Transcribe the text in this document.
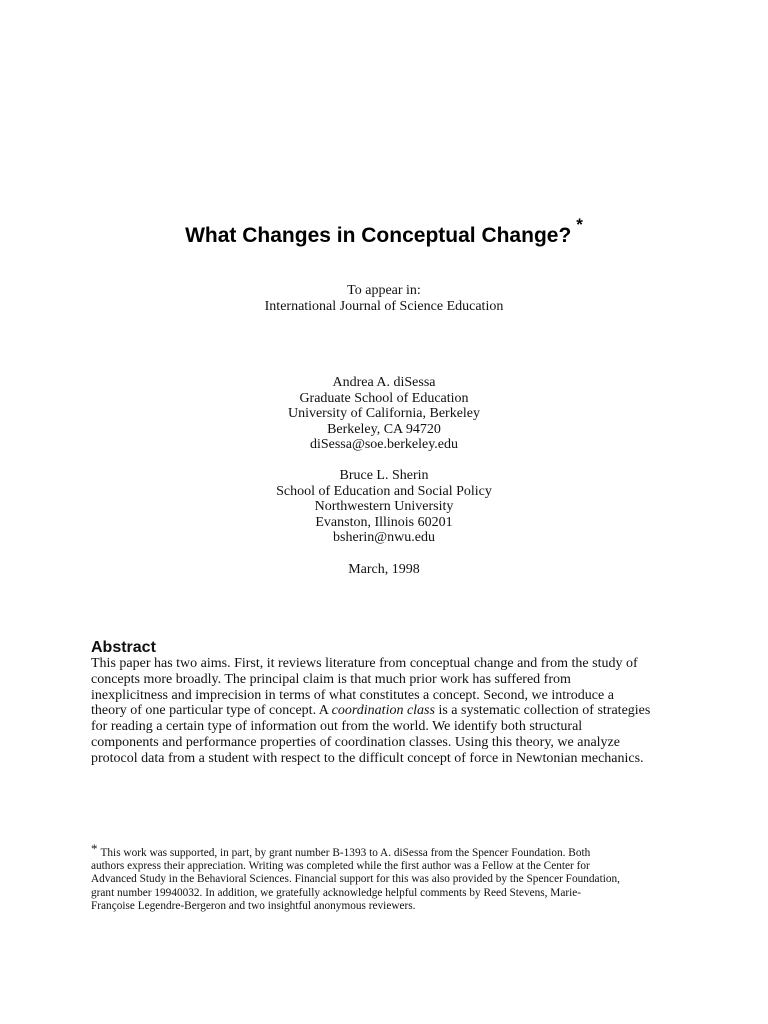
What Changes in Conceptual Change? *
To appear in:
International Journal of Science Education
Andrea A. diSessa
Graduate School of Education
University of California, Berkeley
Berkeley, CA 94720
diSessa@soe.berkeley.edu
Bruce L. Sherin
School of Education and Social Policy
Northwestern University
Evanston, Illinois 60201
bsherin@nwu.edu
March, 1998
Abstract
This paper has two aims. First, it reviews literature from conceptual change and from the study of
concepts more broadly. The principal claim is that much prior work has suffered from
inexplicitness and imprecision in terms of what constitutes a concept. Second, we introduce a
theory of one particular type of concept. A coordination class is a systematic collection of strategies
for reading a certain type of information out from the world. We identify both structural
components and performance properties of coordination classes. Using this theory, we analyze
protocol data from a student with respect to the difficult concept of force in Newtonian mechanics.
* This work was supported, in part, by grant number B-1393 to A. diSessa from the Spencer Foundation. Both
authors express their appreciation. Writing was completed while the first author was a Fellow at the Center for
Advanced Study in the Behavioral Sciences. Financial support for this was also provided by the Spencer Foundation,
grant number 19940032. In addition, we gratefully acknowledge helpful comments by Reed Stevens, Marie-
Françoise Legendre-Bergeron and two insightful anonymous reviewers.
